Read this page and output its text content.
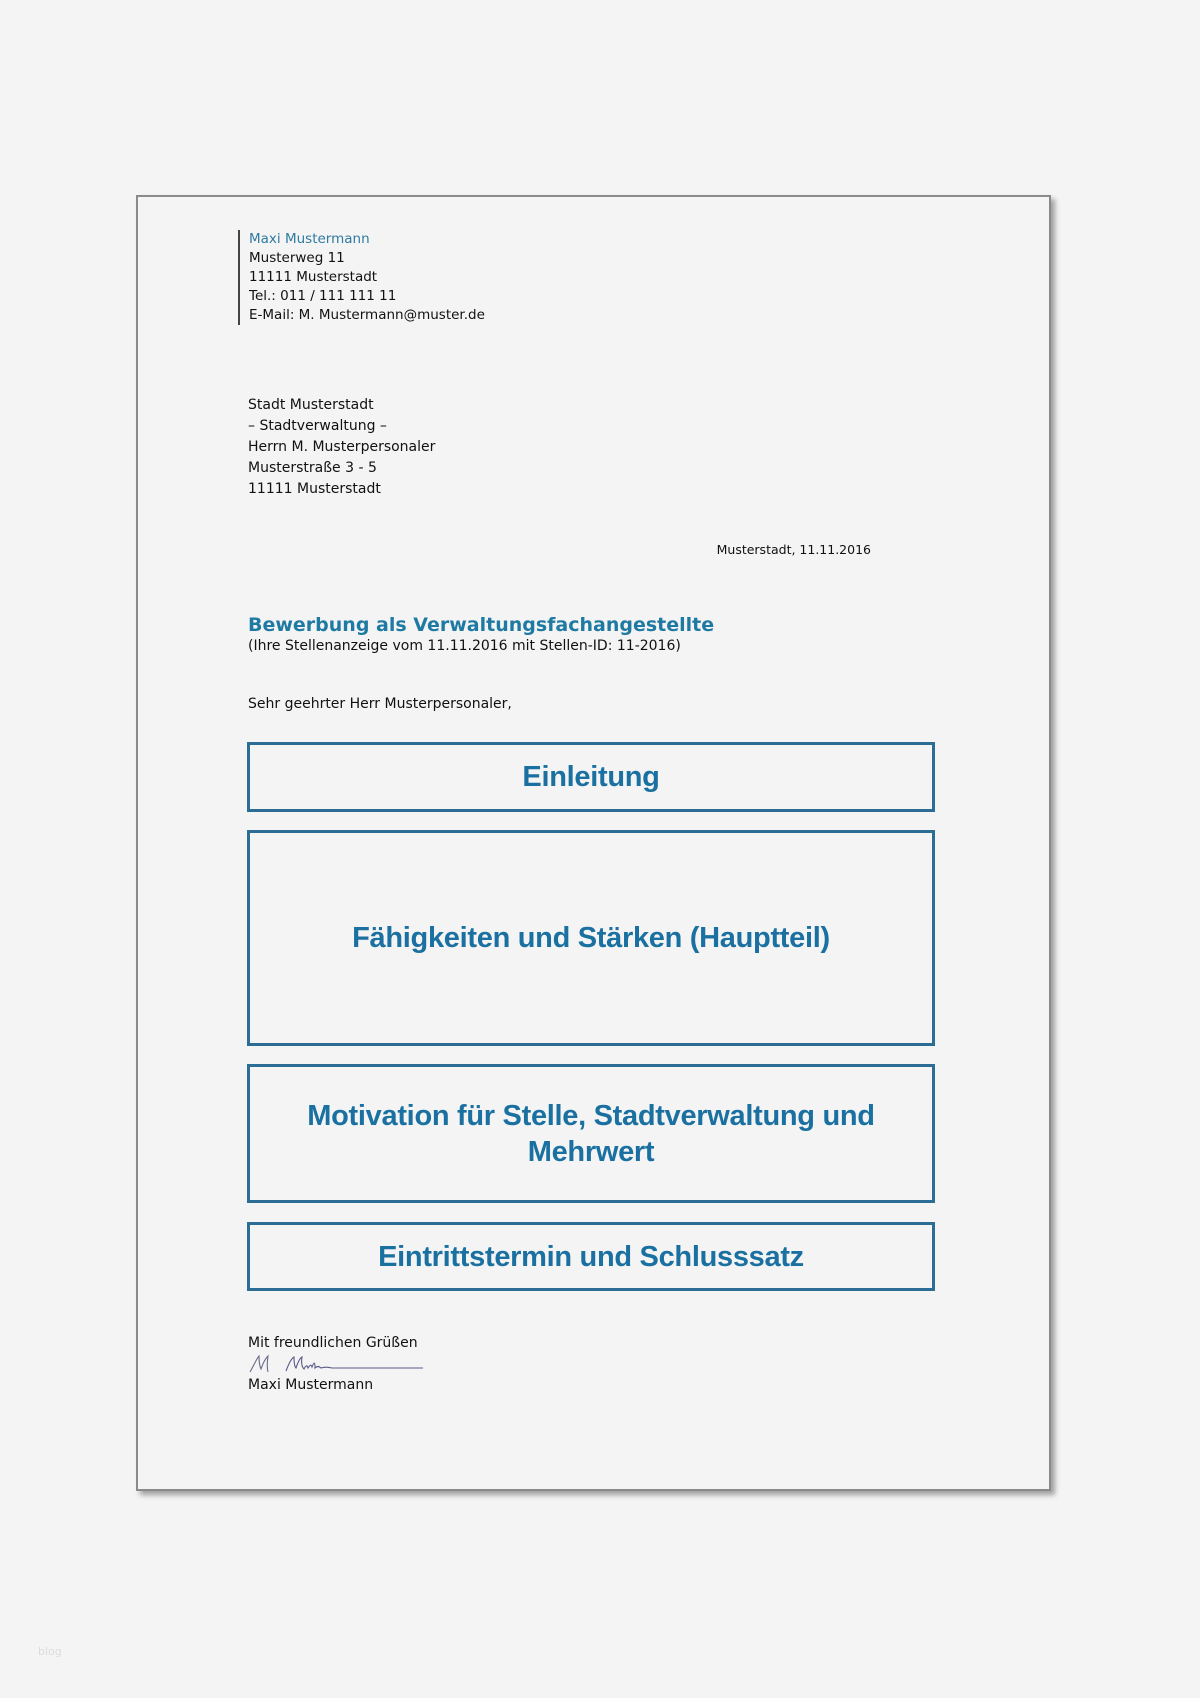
Maxi Mustermann
Musterweg 11
11111 Musterstadt
Tel.: 011 / 111 111 11
E-Mail: M. Mustermann@muster.de
Stadt Musterstadt
– Stadtverwaltung –
Herrn M. Musterpersonaler
Musterstraße 3 - 5
11111 Musterstadt
Musterstadt, 11.11.2016
Bewerbung als Verwaltungsfachangestellte
(Ihre Stellenanzeige vom 11.11.2016 mit Stellen-ID: 11-2016)
Sehr geehrter Herr Musterpersonaler,
Einleitung
Fähigkeiten und Stärken (Hauptteil)
Motivation für Stelle, Stadtverwaltung und Mehrwert
Eintrittstermin und Schlusssatz
Mit freundlichen Grüßen
Maxi Mustermann
blog
